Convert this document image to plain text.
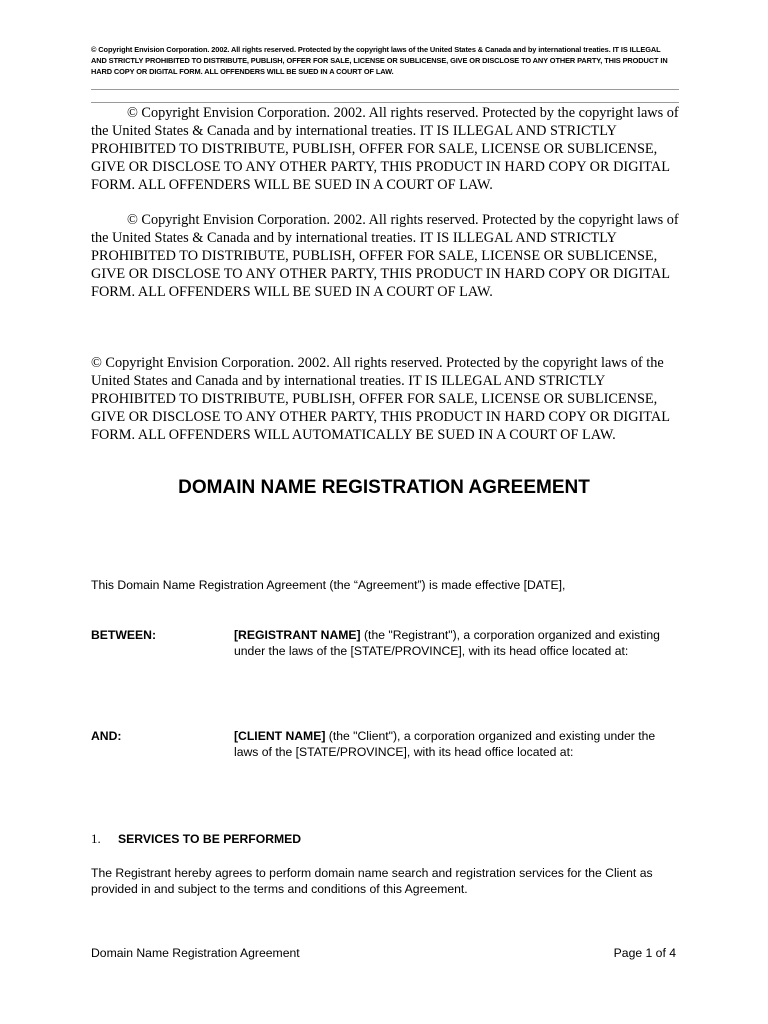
© Copyright Envision Corporation. 2002. All rights reserved. Protected by the copyright laws of the United States & Canada and by international treaties. IT IS ILLEGAL AND STRICTLY PROHIBITED TO DISTRIBUTE, PUBLISH, OFFER FOR SALE, LICENSE OR SUBLICENSE, GIVE OR DISCLOSE TO ANY OTHER PARTY, THIS PRODUCT IN HARD COPY OR DIGITAL FORM. ALL OFFENDERS WILL BE SUED IN A COURT OF LAW.
© Copyright Envision Corporation. 2002. All rights reserved. Protected by the copyright laws of the United States & Canada and by international treaties. IT IS ILLEGAL AND STRICTLY PROHIBITED TO DISTRIBUTE, PUBLISH, OFFER FOR SALE, LICENSE OR SUBLICENSE, GIVE OR DISCLOSE TO ANY OTHER PARTY, THIS PRODUCT IN HARD COPY OR DIGITAL FORM. ALL OFFENDERS WILL BE SUED IN A COURT OF LAW.
© Copyright Envision Corporation. 2002. All rights reserved. Protected by the copyright laws of the United States & Canada and by international treaties. IT IS ILLEGAL AND STRICTLY PROHIBITED TO DISTRIBUTE, PUBLISH, OFFER FOR SALE, LICENSE OR SUBLICENSE, GIVE OR DISCLOSE TO ANY OTHER PARTY, THIS PRODUCT IN HARD COPY OR DIGITAL FORM. ALL OFFENDERS WILL BE SUED IN A COURT OF LAW.
© Copyright Envision Corporation. 2002. All rights reserved. Protected by the copyright laws of the United States and Canada and by international treaties. IT IS ILLEGAL AND STRICTLY PROHIBITED TO DISTRIBUTE, PUBLISH, OFFER FOR SALE, LICENSE OR SUBLICENSE, GIVE OR DISCLOSE TO ANY OTHER PARTY, THIS PRODUCT IN HARD COPY OR DIGITAL FORM. ALL OFFENDERS WILL AUTOMATICALLY BE SUED IN A COURT OF LAW.
DOMAIN NAME REGISTRATION AGREEMENT
This Domain Name Registration Agreement (the “Agreement”) is made effective [DATE],
BETWEEN:	[REGISTRANT NAME] (the "Registrant"), a corporation organized and existing under the laws of the [STATE/PROVINCE], with its head office located at:
AND:	[CLIENT NAME] (the "Client"), a corporation organized and existing under the laws of the [STATE/PROVINCE], with its head office located at:
1. SERVICES TO BE PERFORMED
The Registrant hereby agrees to perform domain name search and registration services for the Client as provided in and subject to the terms and conditions of this Agreement.
Domain Name Registration Agreement	Page 1 of 4
